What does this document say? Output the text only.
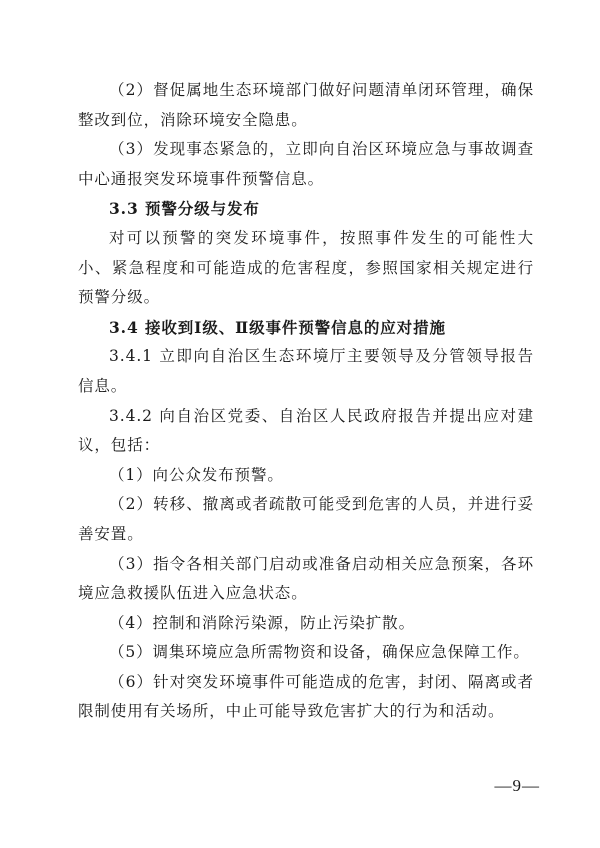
（2）督促属地生态环境部门做好问题清单闭环管理，确保整改到位，消除环境安全隐患。

（3）发现事态紧急的，立即向自治区环境应急与事故调查中心通报突发环境事件预警信息。

3.3 预警分级与发布

对可以预警的突发环境事件，按照事件发生的可能性大小、紧急程度和可能造成的危害程度，参照国家相关规定进行预警分级。

3.4 接收到Ⅰ级、Ⅱ级事件预警信息的应对措施

3.4.1 立即向自治区生态环境厅主要领导及分管领导报告信息。

3.4.2 向自治区党委、自治区人民政府报告并提出应对建议，包括：

（1）向公众发布预警。

（2）转移、撤离或者疏散可能受到危害的人员，并进行妥善安置。

（3）指令各相关部门启动或准备启动相关应急预案，各环境应急救援队伍进入应急状态。

（4）控制和消除污染源，防止污染扩散。

（5）调集环境应急所需物资和设备，确保应急保障工作。

（6）针对突发环境事件可能造成的危害，封闭、隔离或者限制使用有关场所，中止可能导致危害扩大的行为和活动。

—9—
